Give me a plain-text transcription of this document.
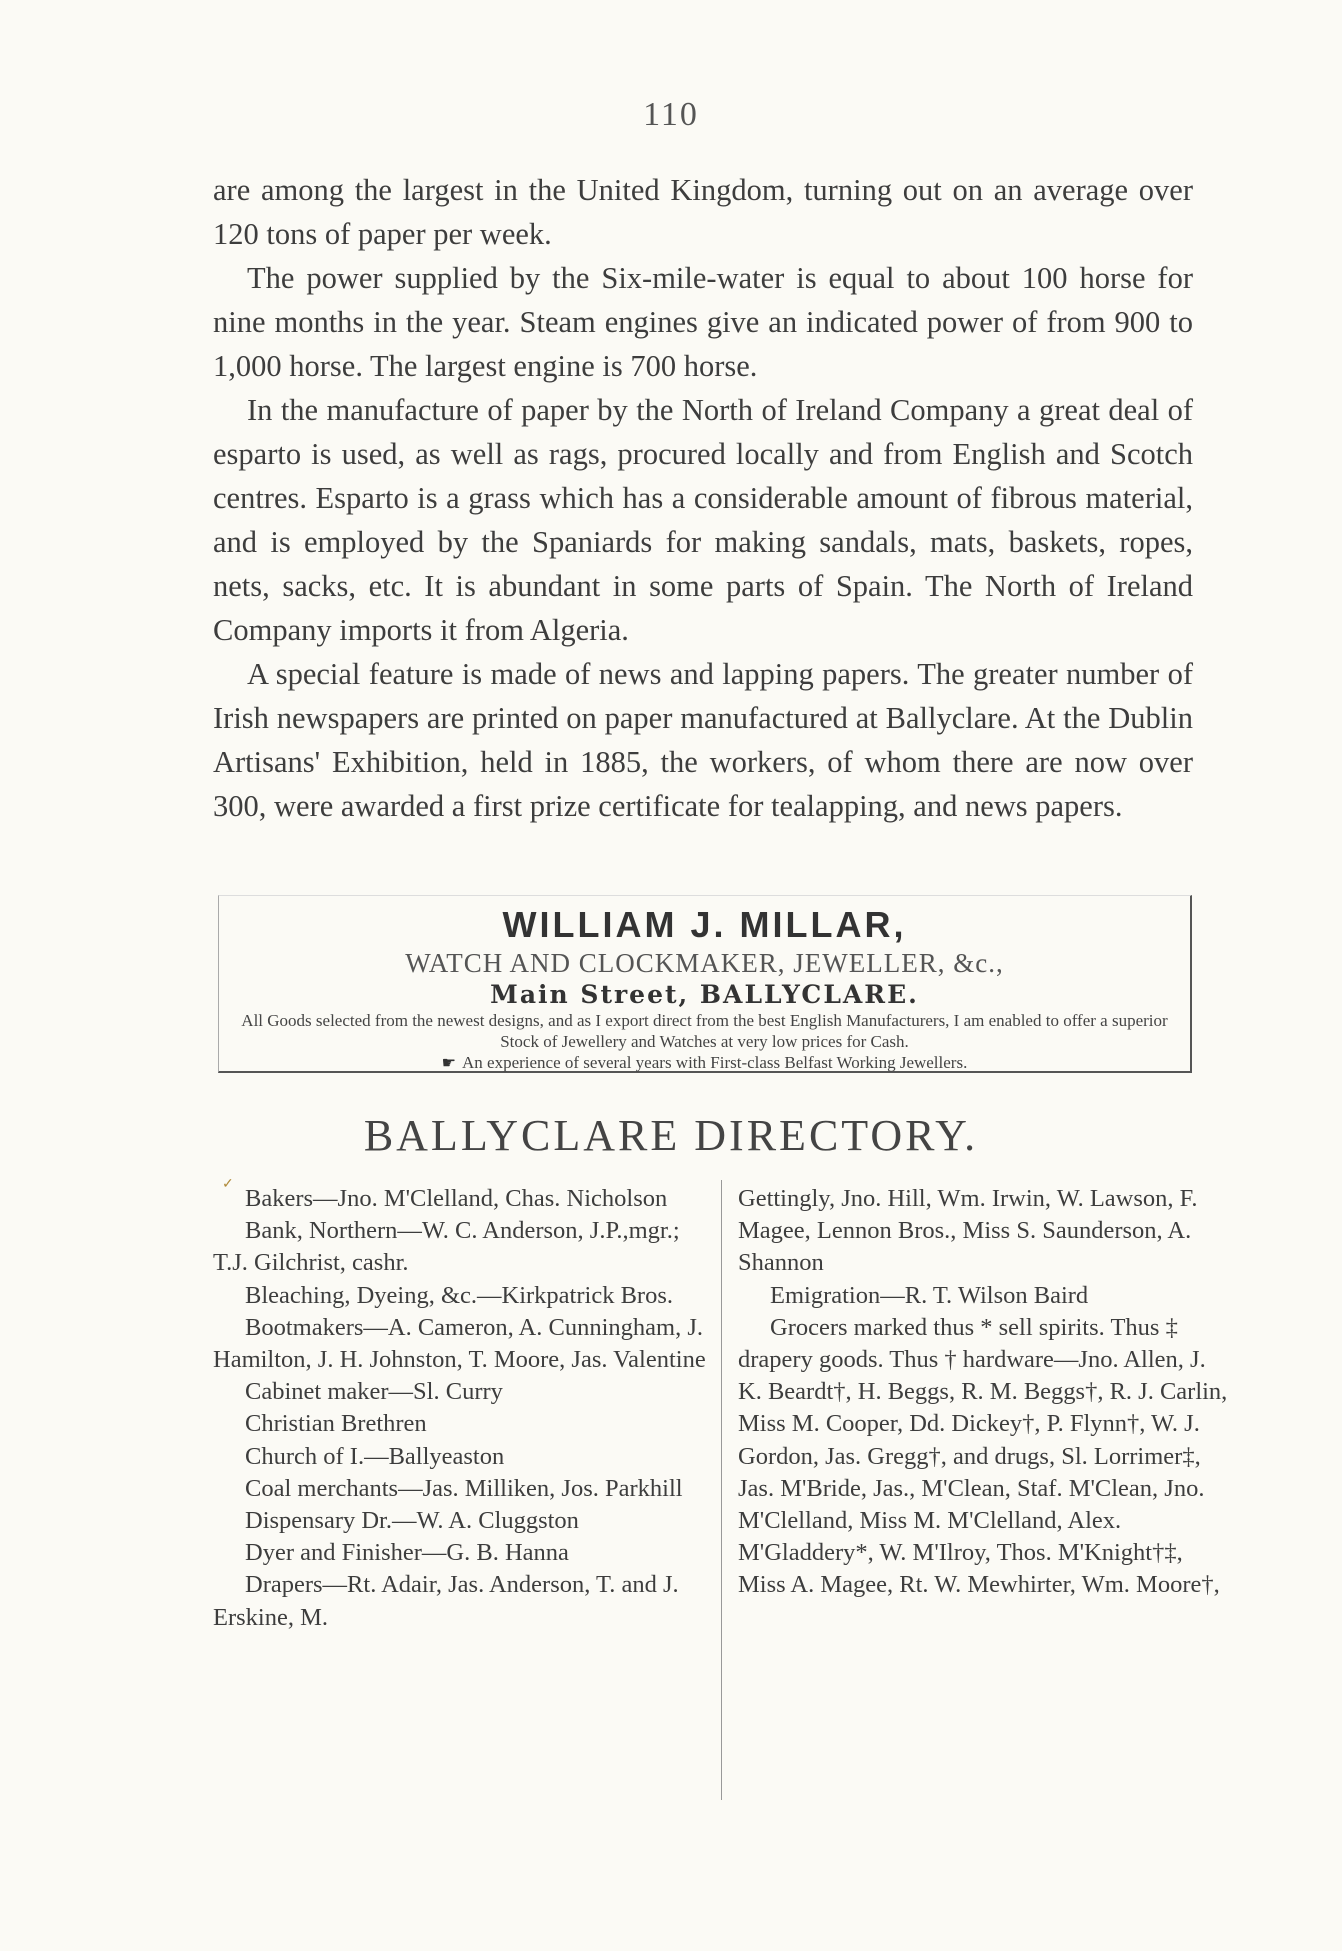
110

are among the largest in the United Kingdom, turning out on an average over 120 tons of paper per week.

The power supplied by the Six-mile-water is equal to about 100 horse for nine months in the year. Steam engines give an indicated power of from 900 to 1,000 horse. The largest engine is 700 horse.

In the manufacture of paper by the North of Ireland Company a great deal of esparto is used, as well as rags, procured locally and from English and Scotch centres. Esparto is a grass which has a considerable amount of fibrous material, and is employed by the Spaniards for making sandals, mats, baskets, ropes, nets, sacks, etc. It is abundant in some parts of Spain. The North of Ireland Company imports it from Algeria.

A special feature is made of news and lapping papers. The greater number of Irish newspapers are printed on paper manufactured at Ballyclare. At the Dublin Artisans' Exhibition, held in 1885, the workers, of whom there are now over 300, were awarded a first prize certificate for tealapping, and news papers.

WILLIAM J. MILLAR,
WATCH AND CLOCKMAKER, JEWELLER, &c.,
Main Street, BALLYCLARE.
All Goods selected from the newest designs, and as I export direct from the best English Manufacturers, I am enabled to offer a superior Stock of Jewellery and Watches at very low prices for Cash.
☛ An experience of several years with First-class Belfast Working Jewellers.
BALLYCLARE DIRECTORY.
✓

Bakers—Jno. M'Clelland, Chas. Nicholson

Bank, Northern—W. C. Anderson, J.P.,mgr.; T.J. Gilchrist, cashr.

Bleaching, Dyeing, &c.—Kirkpatrick Bros.

Bootmakers—A. Cameron, A. Cunningham, J. Hamilton, J. H. Johnston, T. Moore, Jas. Valentine

Cabinet maker—Sl. Curry

Christian Brethren

Church of I.—Ballyeaston

Coal merchants—Jas. Milliken, Jos. Parkhill

Dispensary Dr.—W. A. Cluggston

Dyer and Finisher—G. B. Hanna

Drapers—Rt. Adair, Jas. Anderson, T. and J. Erskine, M.

Gettingly, Jno. Hill, Wm. Irwin, W. Lawson, F. Magee, Lennon Bros., Miss S. Saunderson, A. Shannon

Emigration—R. T. Wilson Baird

Grocers marked thus * sell spirits. Thus ‡ drapery goods. Thus † hardware—Jno. Allen, J. K. Beardt†, H. Beggs, R. M. Beggs†, R. J. Carlin, Miss M. Cooper, Dd. Dickey†, P. Flynn†, W. J. Gordon, Jas. Gregg†, and drugs, Sl. Lorrimer‡, Jas. M'Bride, Jas., M'Clean, Staf. M'Clean, Jno. M'Clelland, Miss M. M'Clelland, Alex. M'Gladdery*, W. M'Ilroy, Thos. M'Knight†‡, Miss A. Magee, Rt. W. Mewhirter, Wm. Moore†,
